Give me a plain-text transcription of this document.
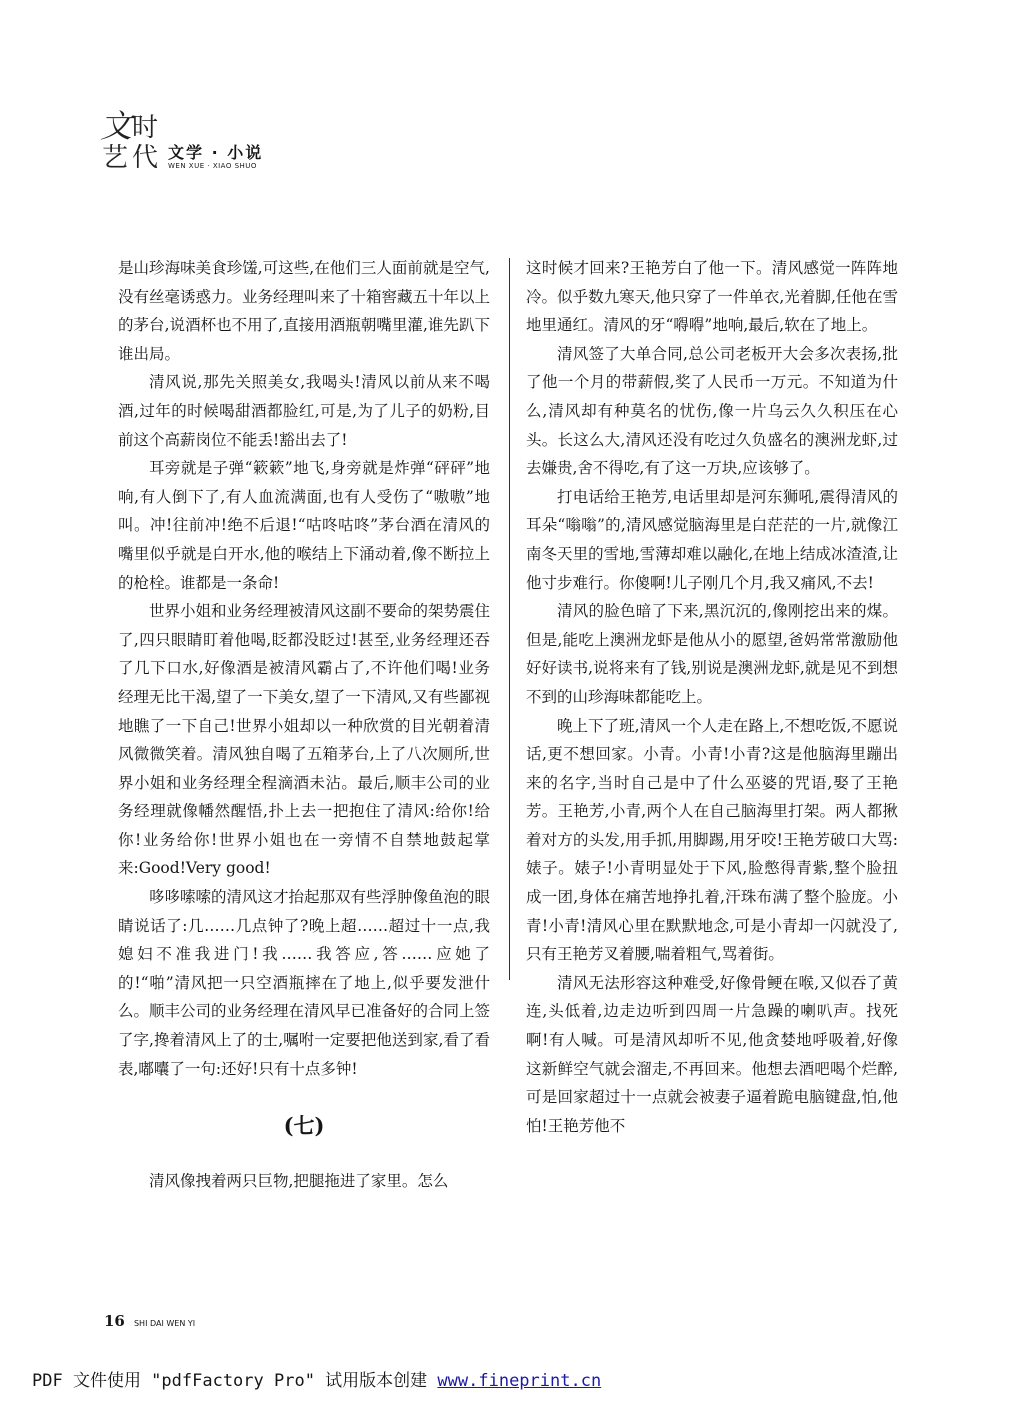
文 时
艺 代 文学 · 小说
WEN XUE · XIAO SHUO

是山珍海味美食珍馐,可这些,在他们三人面前就是空气,没有丝毫诱惑力。业务经理叫来了十箱窖藏五十年以上的茅台,说酒杯也不用了,直接用酒瓶朝嘴里灌,谁先趴下谁出局。

清风说,那先关照美女,我喝头!清风以前从来不喝酒,过年的时候喝甜酒都脸红,可是,为了儿子的奶粉,目前这个高薪岗位不能丢!豁出去了!

耳旁就是子弹“簌簌”地飞,身旁就是炸弹“砰砰”地响,有人倒下了,有人血流满面,也有人受伤了“嗷嗷”地叫。冲!往前冲!绝不后退!“咕咚咕咚”茅台酒在清风的嘴里似乎就是白开水,他的喉结上下涌动着,像不断拉上的枪栓。谁都是一条命!

世界小姐和业务经理被清风这副不要命的架势震住了,四只眼睛盯着他喝,眨都没眨过!甚至,业务经理还吞了几下口水,好像酒是被清风霸占了,不许他们喝!业务经理无比干渴,望了一下美女,望了一下清风,又有些鄙视地瞧了一下自己!世界小姐却以一种欣赏的目光朝着清风微微笑着。清风独自喝了五箱茅台,上了八次厕所,世界小姐和业务经理全程滴酒未沾。最后,顺丰公司的业务经理就像幡然醒悟,扑上去一把抱住了清风:给你!给你!业务给你!世界小姐也在一旁情不自禁地鼓起掌来:Good!Very good!

哆哆嗦嗦的清风这才抬起那双有些浮肿像鱼泡的眼睛说话了:几……几点钟了?晚上超……超过十一点,我媳妇不准我进门!我……我答应,答……应她了的!“啪”清风把一只空酒瓶摔在了地上,似乎要发泄什么。顺丰公司的业务经理在清风早已准备好的合同上签了字,搀着清风上了的士,嘱咐一定要把他送到家,看了看表,嘟囔了一句:还好!只有十点多钟!

(七)

清风像拽着两只巨物,把腿拖进了家里。怎么

这时候才回来?王艳芳白了他一下。清风感觉一阵阵地冷。似乎数九寒天,他只穿了一件单衣,光着脚,任他在雪地里通红。清风的牙“嘚嘚”地响,最后,软在了地上。

清风签了大单合同,总公司老板开大会多次表扬,批了他一个月的带薪假,奖了人民币一万元。不知道为什么,清风却有种莫名的忧伤,像一片乌云久久积压在心头。长这么大,清风还没有吃过久负盛名的澳洲龙虾,过去嫌贵,舍不得吃,有了这一万块,应该够了。

打电话给王艳芳,电话里却是河东狮吼,震得清风的耳朵“嗡嗡”的,清风感觉脑海里是白茫茫的一片,就像江南冬天里的雪地,雪薄却难以融化,在地上结成冰渣渣,让他寸步难行。你傻啊!儿子刚几个月,我又痛风,不去!

清风的脸色暗了下来,黑沉沉的,像刚挖出来的煤。但是,能吃上澳洲龙虾是他从小的愿望,爸妈常常激励他好好读书,说将来有了钱,别说是澳洲龙虾,就是见不到想不到的山珍海味都能吃上。

晚上下了班,清风一个人走在路上,不想吃饭,不愿说话,更不想回家。小青。小青!小青?这是他脑海里蹦出来的名字,当时自己是中了什么巫婆的咒语,娶了王艳芳。王艳芳,小青,两个人在自己脑海里打架。两人都揪着对方的头发,用手抓,用脚踢,用牙咬!王艳芳破口大骂:婊子。婊子!小青明显处于下风,脸憋得青紫,整个脸扭成一团,身体在痛苦地挣扎着,汗珠布满了整个脸庞。小青!小青!清风心里在默默地念,可是小青却一闪就没了,只有王艳芳叉着腰,喘着粗气,骂着街。

清风无法形容这种难受,好像骨鲠在喉,又似吞了黄连,头低着,边走边听到四周一片急躁的喇叭声。找死啊!有人喊。可是清风却听不见,他贪婪地呼吸着,好像这新鲜空气就会溜走,不再回来。他想去酒吧喝个烂醉,可是回家超过十一点就会被妻子逼着跪电脑键盘,怕,他怕!王艳芳他不

16 SHI DAI WEN YI
PDF 文件使用 "pdfFactory Pro" 试用版本创建 www.fineprint.cn
